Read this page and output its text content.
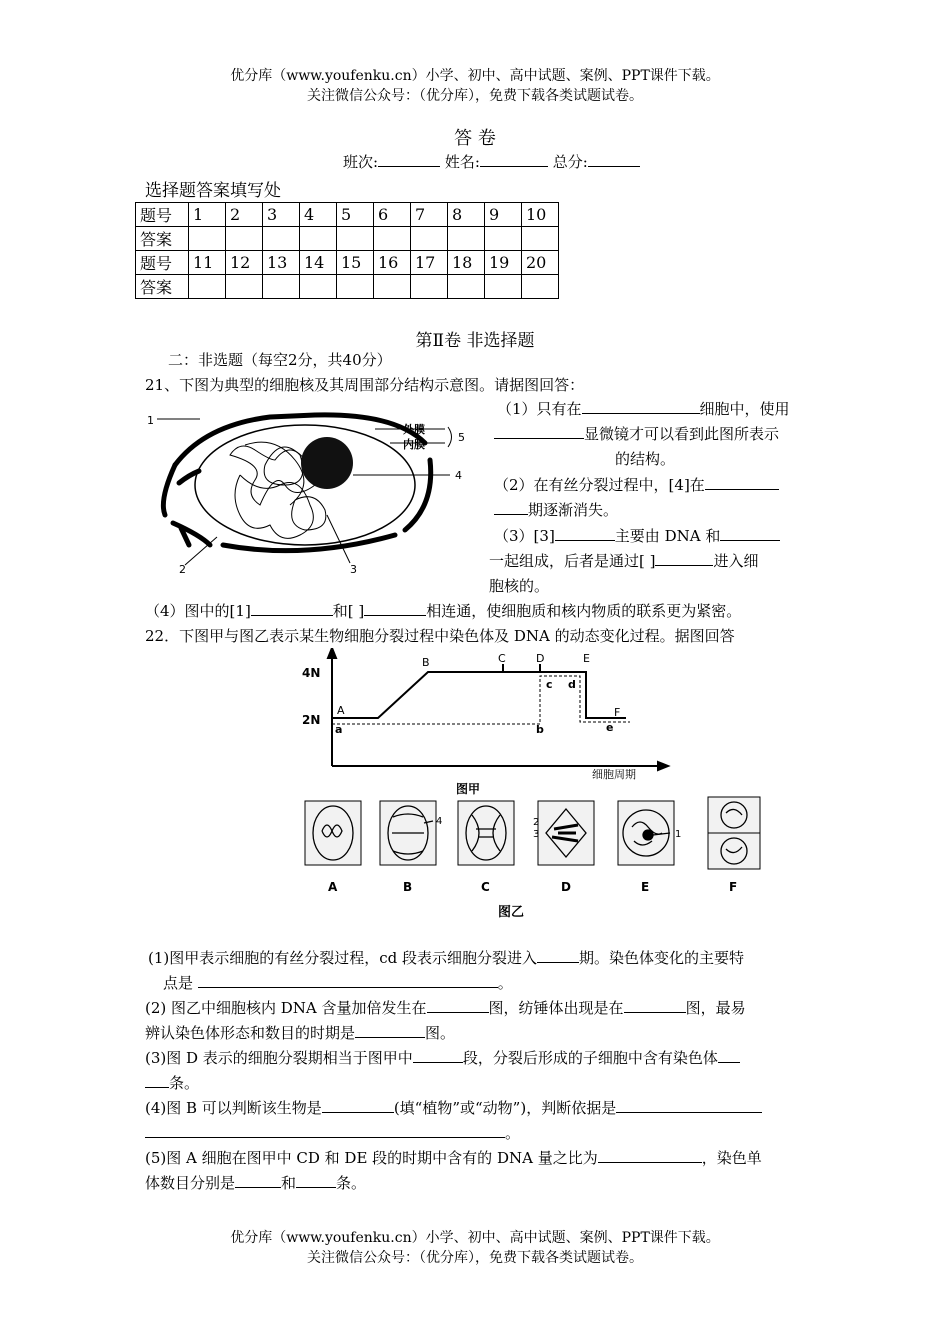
优分库（www.youfenku.cn）小学、初中、高中试题、案例、PPT课件下载。
关注微信公众号：（优分库），免费下载各类试题试卷。
答 卷
班次:	姓名:	总分:
选择题答案填写处
题号	1	2	3	4	5	6	7	8	9	10
答案										
题号	11	12	13	14	15	16	17	18	19	20
答案										
第Ⅱ卷 非选择题
二：非选题（每空2分，共40分）
21、下图为典型的细胞核及其周围部分结构示意图。请据图回答：
1
外膜
内膜
5
4
2	3
（1）只有在	细胞中，使用
显微镜才可以看到此图所表示
的结构。
（2）在有丝分裂过程中，[4]在
期逐渐消失。
（3）[3]	主要由 DNA 和
一起组成，后者是通过[ ]	进入细
胞核的。
（4）图中的[1]	和[ ]	相连通，使细胞质和核内物质的联系更为紧密。
22．下图甲与图乙表示某生物细胞分裂过程中染色体及 DNA 的动态变化过程。据图回答
4N
2N
A
B	C	D	E
F
a	b
c d
e
细胞周期
图甲
4
1
2
3
A	B	C	D	E	F
图乙
(1)图甲表示细胞的有丝分裂过程，cd 段表示细胞分裂进入	期。染色体变化的主要特
点是	。
(2) 图乙中细胞核内 DNA 含量加倍发生在	图，纺锤体出现是在	图，最易
辨认染色体形态和数目的时期是	图。
(3)图 D 表示的细胞分裂期相当于图甲中	段，分裂后形成的子细胞中含有染色体
条。
(4)图 B 可以判断该生物是	(填“植物”或“动物”)，判断依据是
。
(5)图 A 细胞在图甲中 CD 和 DE 段的时期中含有的 DNA 量之比为	，染色单
体数目分别是	和	条。
优分库（www.youfenku.cn）小学、初中、高中试题、案例、PPT课件下载。
关注微信公众号：（优分库），免费下载各类试题试卷。
